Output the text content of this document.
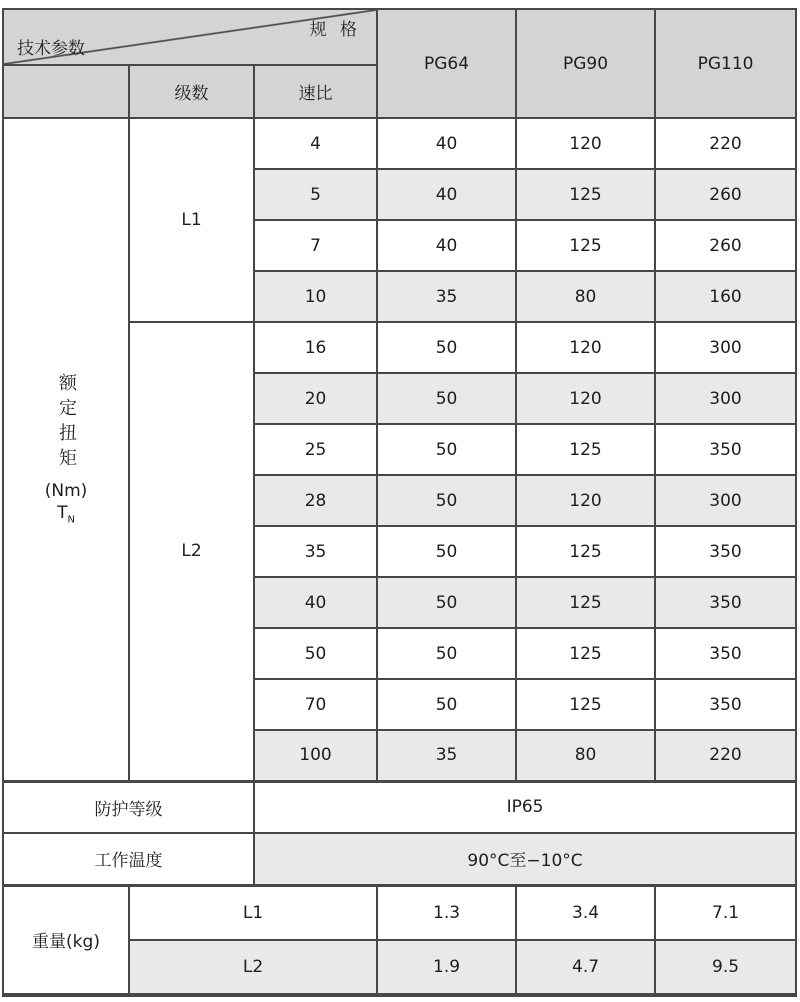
规 格
技术参数			PG64	PG90	PG110
	级数	速比			

额定扭矩
(Nm)
$T_N$	L1	4	40	120	220
		5	40	125	260
		7	40	125	260
		10	35	80	160
	L2	16	50	120	300
		20	50	120	300
		25	50	125	350
		28	50	120	300
		35	50	125	350
		40	50	125	350
		50	50	125	350
		70	50	125	350
		100	35	80	220
防护等级		IP65			
工作温度		90°C至−10°C			
重量(kg)	L1		1.3	3.4	7.1
	L2		1.9	4.7	9.5
